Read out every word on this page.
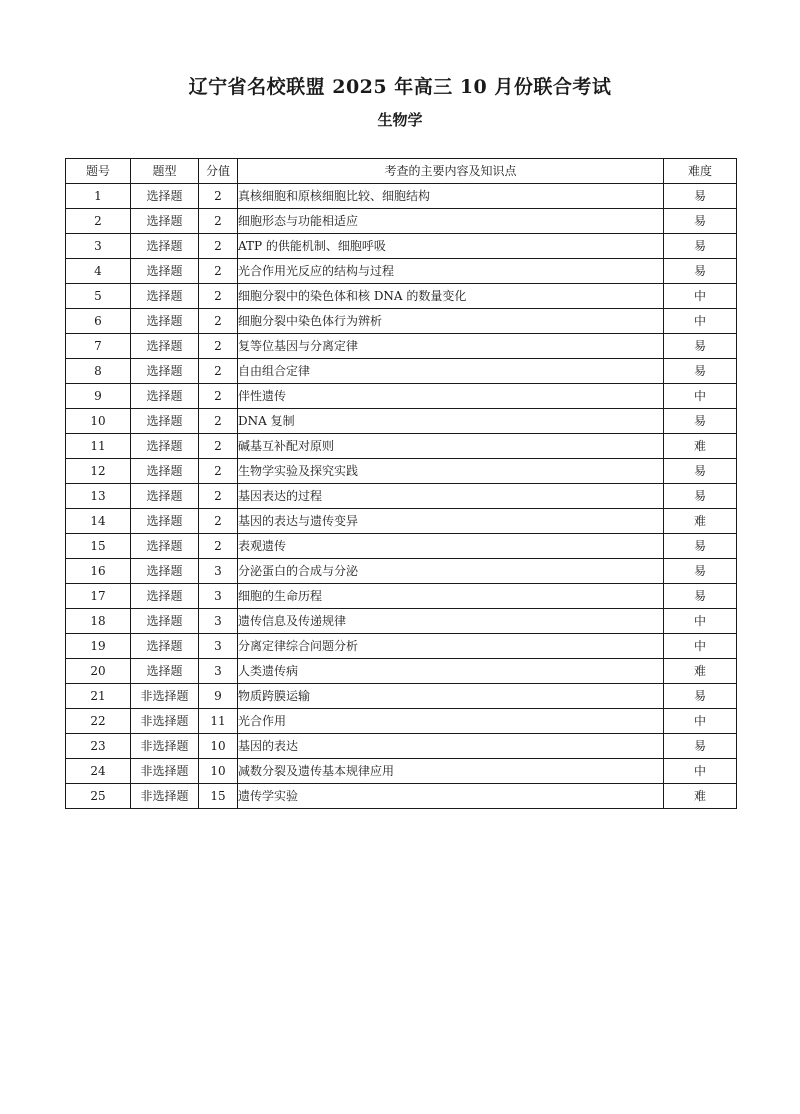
辽宁省名校联盟 2025 年高三 10 月份联合考试
生物学
题号	题型	分值	考查的主要内容及知识点	难度
1	选择题	2	真核细胞和原核细胞比较、细胞结构	易
2	选择题	2	细胞形态与功能相适应	易
3	选择题	2	ATP 的供能机制、细胞呼吸	易
4	选择题	2	光合作用光反应的结构与过程	易
5	选择题	2	细胞分裂中的染色体和核 DNA 的数量变化	中
6	选择题	2	细胞分裂中染色体行为辨析	中
7	选择题	2	复等位基因与分离定律	易
8	选择题	2	自由组合定律	易
9	选择题	2	伴性遗传	中
10	选择题	2	DNA 复制	易
11	选择题	2	碱基互补配对原则	难
12	选择题	2	生物学实验及探究实践	易
13	选择题	2	基因表达的过程	易
14	选择题	2	基因的表达与遗传变异	难
15	选择题	2	表观遗传	易
16	选择题	3	分泌蛋白的合成与分泌	易
17	选择题	3	细胞的生命历程	易
18	选择题	3	遗传信息及传递规律	中
19	选择题	3	分离定律综合问题分析	中
20	选择题	3	人类遗传病	难
21	非选择题	9	物质跨膜运输	易
22	非选择题	11	光合作用	中
23	非选择题	10	基因的表达	易
24	非选择题	10	减数分裂及遗传基本规律应用	中
25	非选择题	15	遗传学实验	难
